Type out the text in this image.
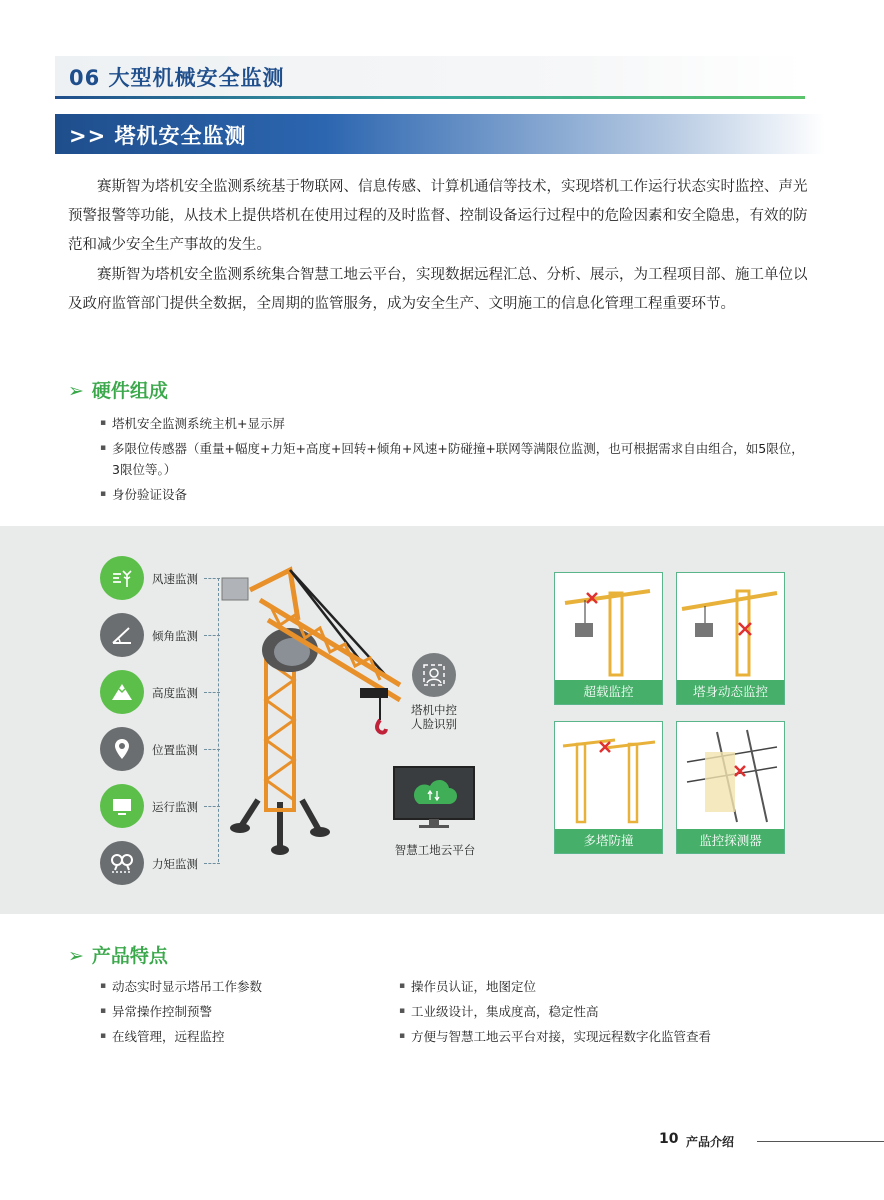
06 大型机械安全监测
>> 塔机安全监测

赛斯智为塔机安全监测系统基于物联网、信息传感、计算机通信等技术，实现塔机工作运行状态实时监控、声光预警报警等功能，从技术上提供塔机在使用过程的及时监督、控制设备运行过程中的危险因素和安全隐患，有效的防范和减少安全生产事故的发生。

赛斯智为塔机安全监测系统集合智慧工地云平台，实现数据远程汇总、分析、展示，为工程项目部、施工单位以及政府监管部门提供全数据，全周期的监管服务，成为安全生产、文明施工的信息化管理工程重要环节。

➢ 硬件组成
▪ 塔机安全监测系统主机+显示屏
▪ 多限位传感器（重量+幅度+力矩+高度+回转+倾角+风速+防碰撞+联网等满限位监测，也可根据需求自由组合，如5限位，3限位等。）
▪ 身份验证设备
风速监测
倾角监测
高度监测
位置监测
运行监测
力矩监测
塔机中控
人脸识别
智慧工地云平台
超载监控	塔身动态监控
多塔防撞	监控探测器
➢ 产品特点
▪ 动态实时显示塔吊工作参数
▪ 异常操作控制预警
▪ 在线管理，远程监控
▪ 操作员认证，地图定位
▪ 工业级设计，集成度高，稳定性高
▪ 方便与智慧工地云平台对接，实现远程数字化监管查看
10 产品介绍
